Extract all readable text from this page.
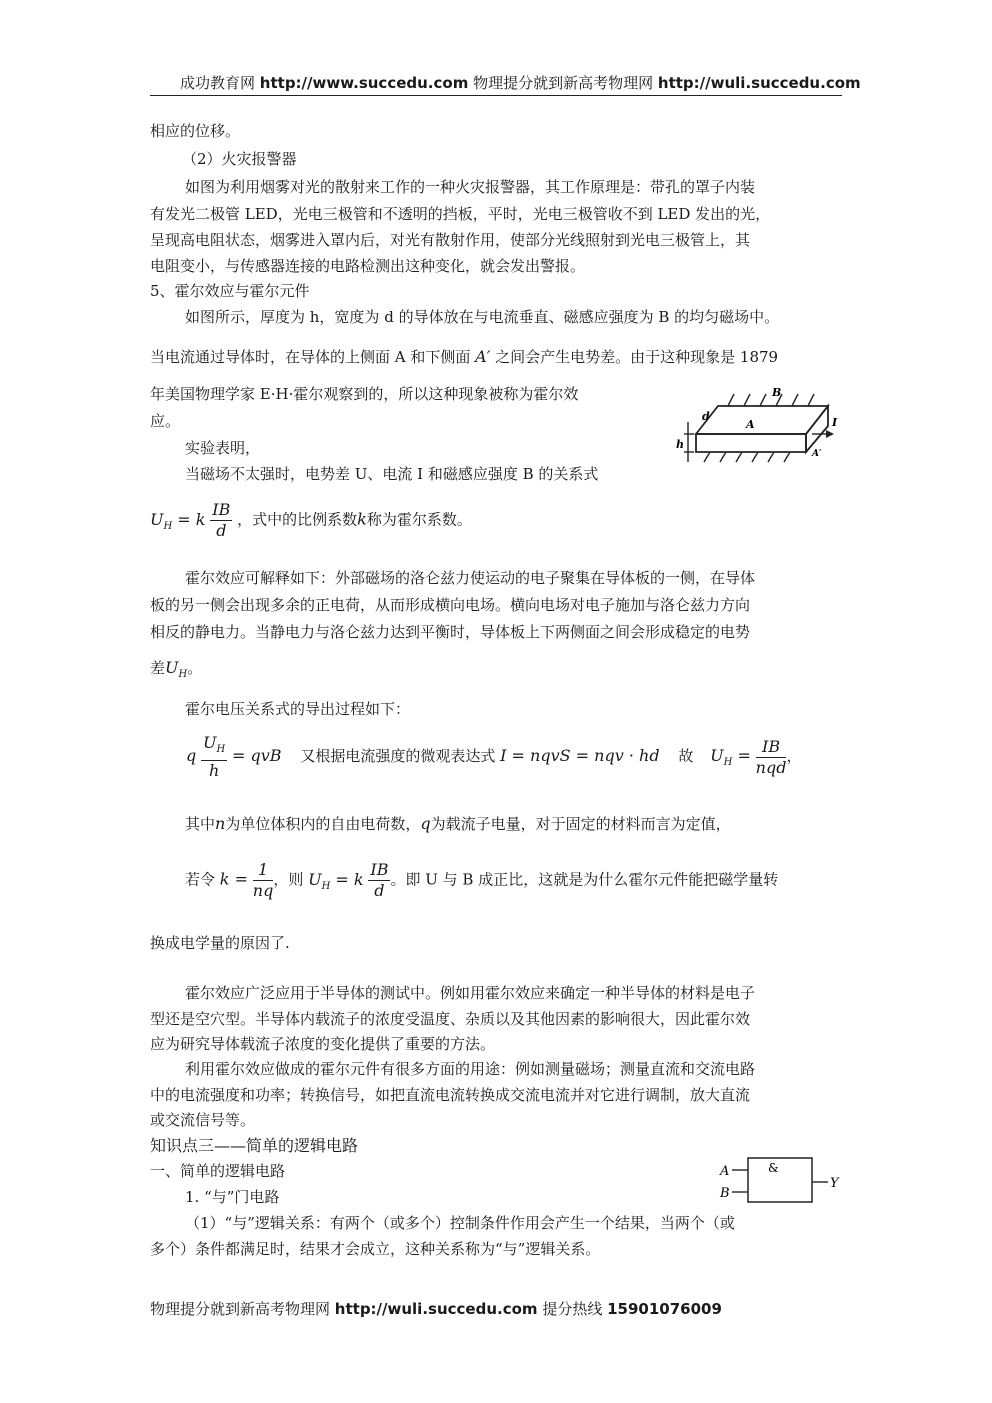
成功教育网 http://www.succedu.com 物理提分就到新高考物理网 http://wuli.succedu.com
相应的位移。
（2）火灾报警器
如图为利用烟雾对光的散射来工作的一种火灾报警器，其工作原理是：带孔的罩子内装
有发光二极管 LED，光电三极管和不透明的挡板，平时，光电三极管收不到 LED 发出的光，
呈现高电阻状态，烟雾进入罩内后，对光有散射作用，使部分光线照射到光电三极管上，其
电阻变小，与传感器连接的电路检测出这种变化，就会发出警报。
5、霍尔效应与霍尔元件
如图所示，厚度为 h，宽度为 d 的导体放在与电流垂直、磁感应强度为 B 的均匀磁场中。
当电流通过导体时，在导体的上侧面 A 和下侧面 A′ 之间会产生电势差。由于这种现象是 1879
年美国物理学家 E·H·霍尔观察到的，所以这种现象被称为霍尔效
应。
实验表明，
当磁场不太强时，电势差 U、电流 I 和磁感应强度 B 的关系式
B
d
A	I
h
A′
$U_H = k \frac{IB}{d}$ ，式中的比例系数k称为霍尔系数。
霍尔效应可解释如下：外部磁场的洛仑兹力使运动的电子聚集在导体板的一侧，在导体
板的另一侧会出现多余的正电荷，从而形成横向电场。横向电场对电子施加与洛仑兹力方向
相反的静电力。当静电力与洛仑兹力达到平衡时，导体板上下两侧面之间会形成稳定的电势
差$U_H$。
霍尔电压关系式的导出过程如下：
q $\frac{U_H}{h}$ = qvB 又根据电流强度的微观表达式 I = nqvS = nqv · hd 故 $U_H = \frac{IB}{\text{nqd}}$ ，
其中n为单位体积内的自由电荷数，q为载流子电量，对于固定的材料而言为定值，
若令 $k = \frac{1}{nq}$ ，则 $U_H = k \frac{IB}{d}$ 。即 U 与 B 成正比，这就是为什么霍尔元件能把磁学量转
换成电学量的原因了.
霍尔效应广泛应用于半导体的测试中。例如用霍尔效应来确定一种半导体的材料是电子
型还是空穴型。半导体内载流子的浓度受温度、杂质以及其他因素的影响很大，因此霍尔效
应为研究导体载流子浓度的变化提供了重要的方法。
利用霍尔效应做成的霍尔元件有很多方面的用途：例如测量磁场；测量直流和交流电路
中的电流强度和功率；转换信号，如把直流电流转换成交流电流并对它进行调制，放大直流
或交流信号等。
知识点三——简单的逻辑电路
一、简单的逻辑电路
1. “与”门电路
（1）“与”逻辑关系：有两个（或多个）控制条件作用会产生一个结果，当两个（或
多个）条件都满足时，结果才会成立，这种关系称为“与”逻辑关系。
A
B
&
Y
物理提分就到新高考物理网 http://wuli.succedu.com 提分热线 15901076009
